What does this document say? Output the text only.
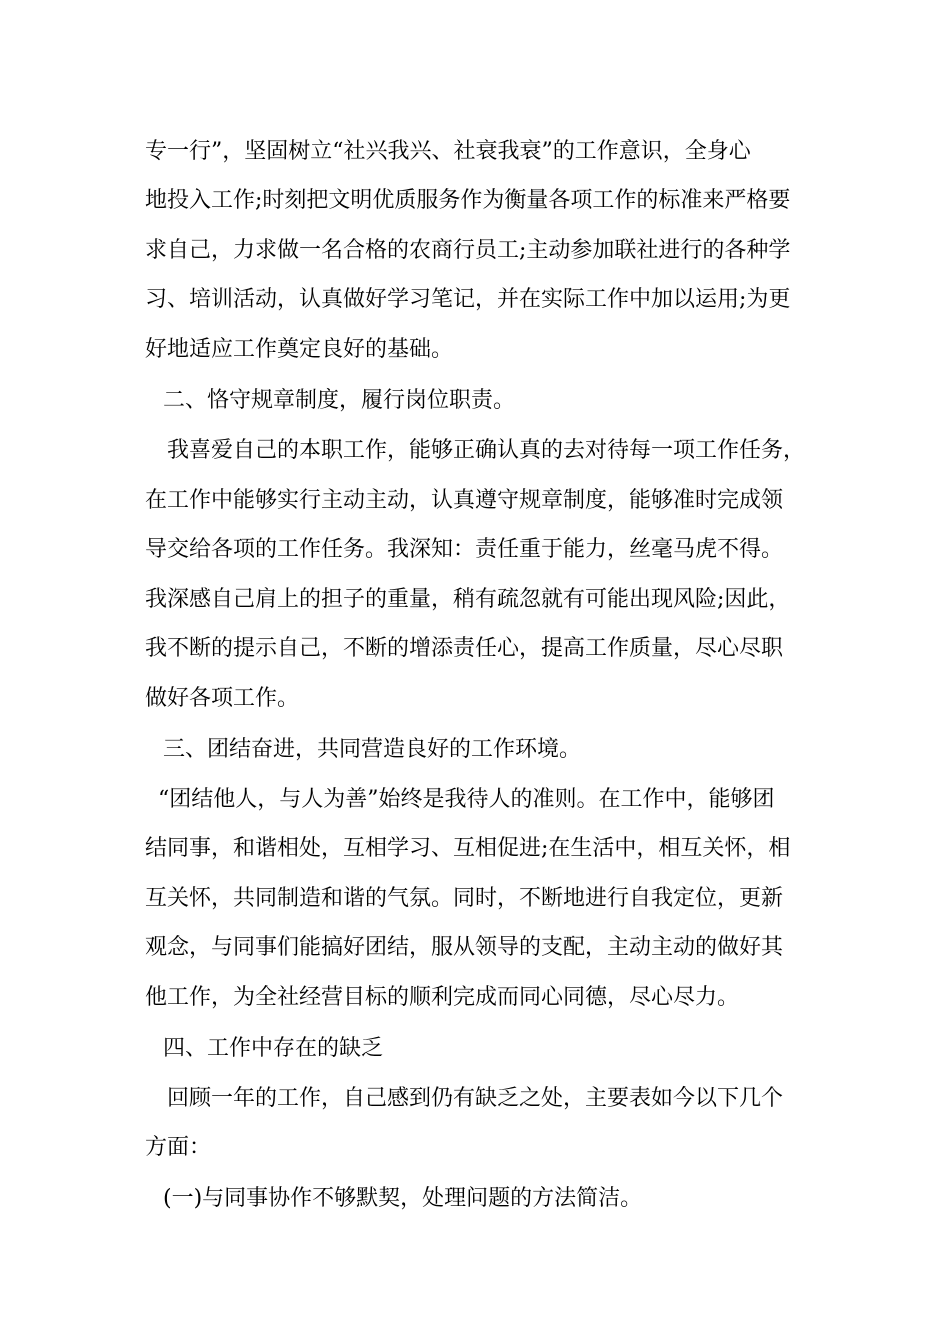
专一行”，坚固树立“社兴我兴、社衰我衰”的工作意识，全身心
地投入工作;时刻把文明优质服务作为衡量各项工作的标准来严格要
求自己，力求做一名合格的农商行员工;主动参加联社进行的各种学
习、培训活动，认真做好学习笔记，并在实际工作中加以运用;为更
好地适应工作奠定良好的基础。
二、恪守规章制度，履行岗位职责。
我喜爱自己的本职工作，能够正确认真的去对待每一项工作任务，
在工作中能够实行主动主动，认真遵守规章制度，能够准时完成领
导交给各项的工作任务。我深知：责任重于能力，丝毫马虎不得。
我深感自己肩上的担子的重量，稍有疏忽就有可能出现风险;因此，
我不断的提示自己，不断的增添责任心，提高工作质量，尽心尽职
做好各项工作。
三、团结奋进，共同营造良好的工作环境。
“团结他人，与人为善”始终是我待人的准则。在工作中，能够团
结同事，和谐相处，互相学习、互相促进;在生活中，相互关怀，相
互关怀，共同制造和谐的气氛。同时，不断地进行自我定位，更新
观念，与同事们能搞好团结，服从领导的支配，主动主动的做好其
他工作，为全社经营目标的顺利完成而同心同德，尽心尽力。
四、工作中存在的缺乏
回顾一年的工作，自己感到仍有缺乏之处，主要表如今以下几个
方面：
(一)与同事协作不够默契，处理问题的方法简洁。
